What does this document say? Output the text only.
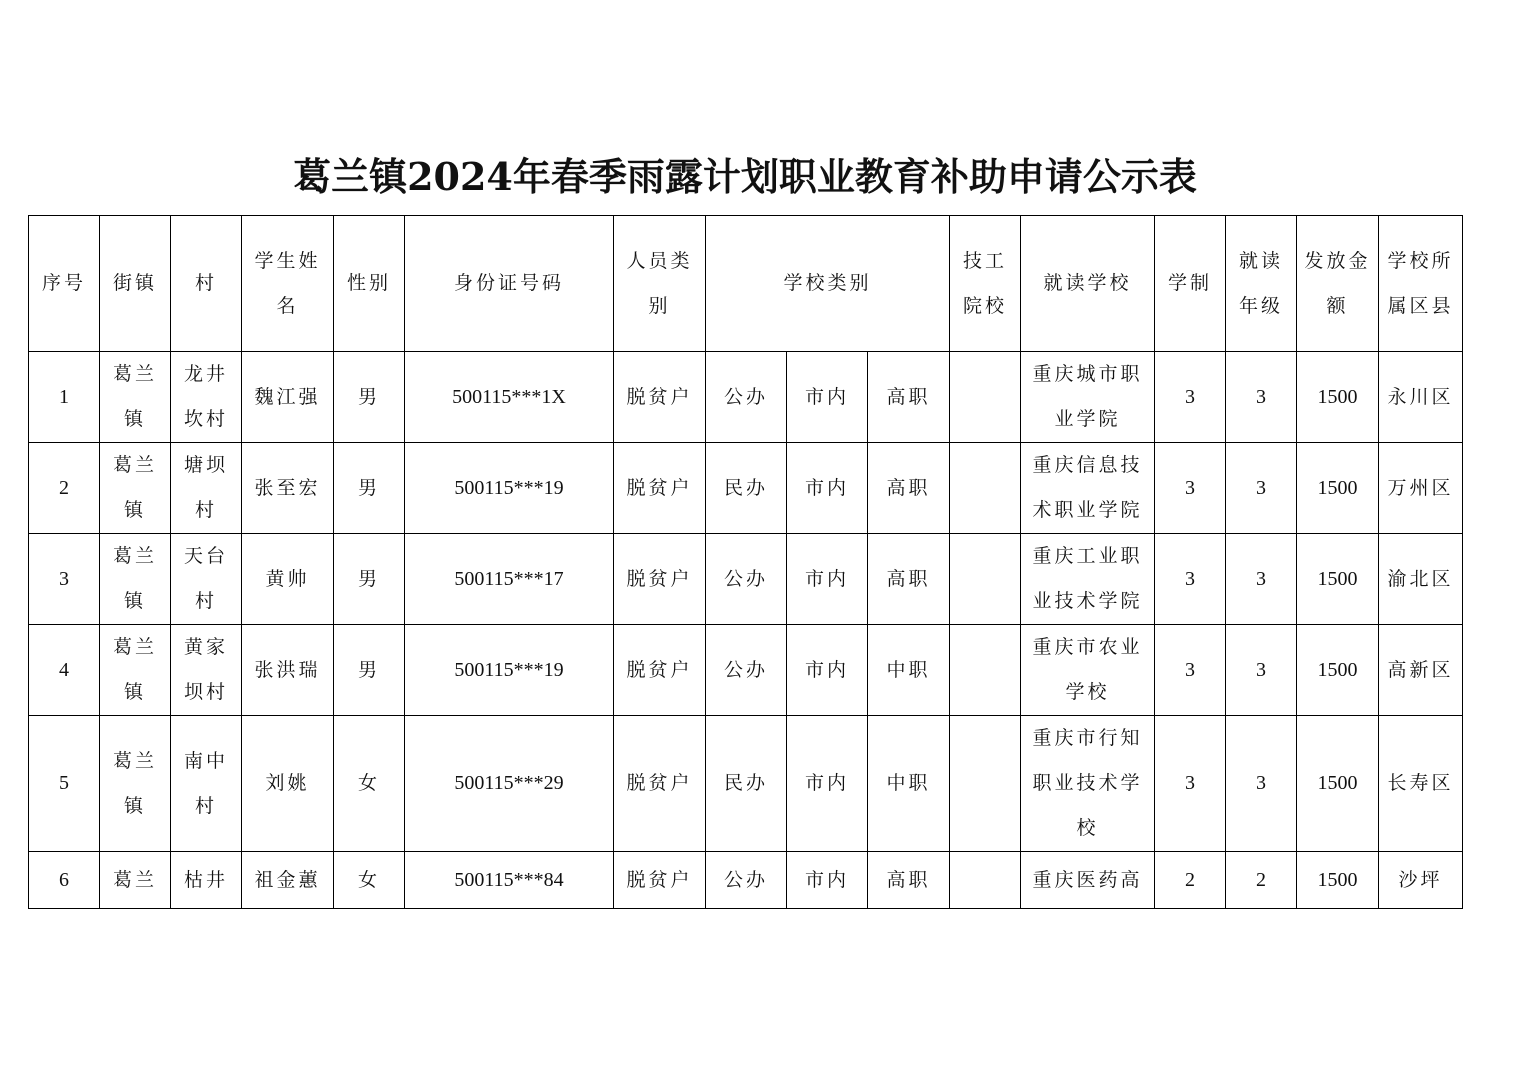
葛兰镇2024年春季雨露计划职业教育补助申请公示表
序号	街镇	村	学生姓名	性别	身份证号码	人员类别	学校类别			技工院校	就读学校	学制	就读年级	发放金额	学校所属区县
1	葛兰镇	龙井坎村	魏江强	男	500115***1X	脱贫户	公办	市内	高职		重庆城市职业学院	3	3	1500	永川区
2	葛兰镇	塘坝村	张至宏	男	500115***19	脱贫户	民办	市内	高职		重庆信息技术职业学院	3	3	1500	万州区
3	葛兰镇	天台村	黄帅	男	500115***17	脱贫户	公办	市内	高职		重庆工业职业技术学院	3	3	1500	渝北区
4	葛兰镇	黄家坝村	张洪瑞	男	500115***19	脱贫户	公办	市内	中职		重庆市农业学校	3	3	1500	高新区
5	葛兰镇	南中村	刘姚	女	500115***29	脱贫户	民办	市内	中职		重庆市行知职业技术学校	3	3	1500	长寿区
6	葛兰	枯井	祖金蕙	女	500115***84	脱贫户	公办	市内	高职		重庆医药高	2	2	1500	沙坪
